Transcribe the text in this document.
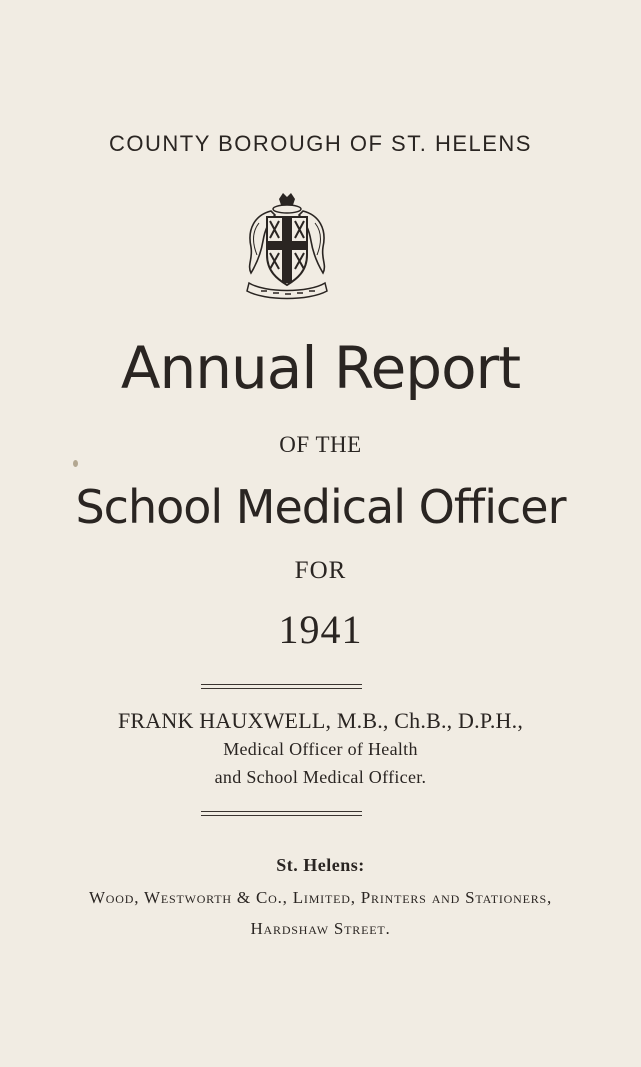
COUNTY BOROUGH OF ST. HELENS
Annual Report
OF THE
School Medical Officer
FOR
1941
FRANK HAUXWELL, M.B., Ch.B., D.P.H.,
Medical Officer of Health
and School Medical Officer.
St. Helens:
Wood, Westworth & Co., Limited, Printers and Stationers,
Hardshaw Street.
